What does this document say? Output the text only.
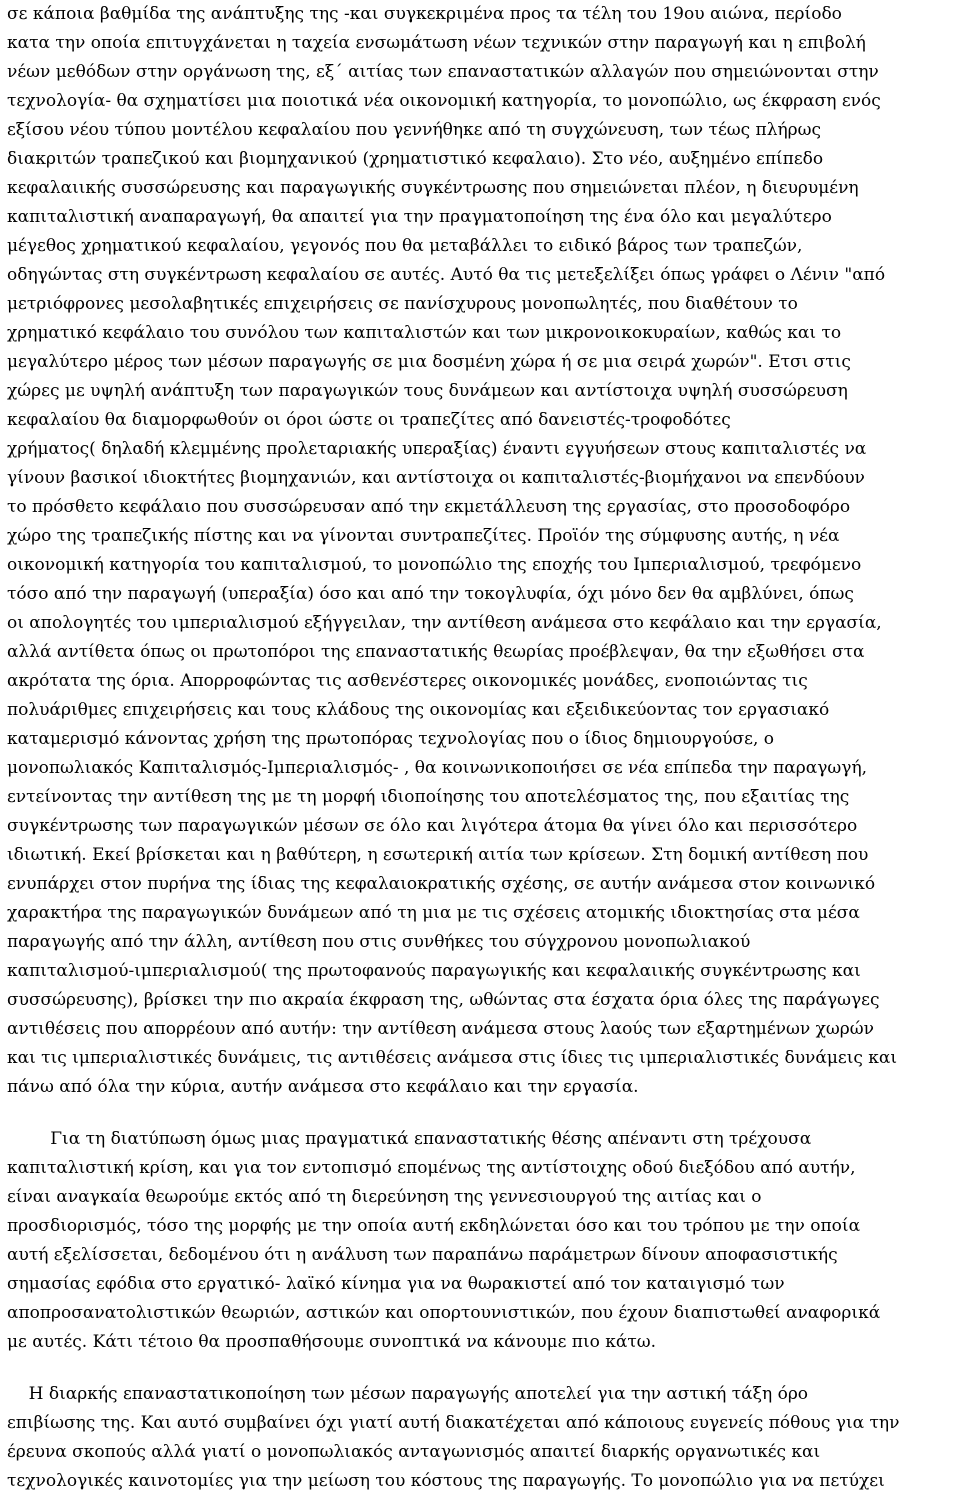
σε κάποια βαθμίδα της ανάπτυξης της -και συγκεκριμένα προς τα τέλη του 19ου αιώνα, περίοδο
κατα την οποία επιτυγχάνεται η ταχεία ενσωμάτωση νέων τεχνικών στην παραγωγή και η επιβολή
νέων μεθόδων στην οργάνωση της, εξ΄ αιτίας των επαναστατικών αλλαγών που σημειώνονται στην
τεχνολογία- θα σχηματίσει μια ποιοτικά νέα οικονομική κατηγορία, το μονοπώλιο, ως έκφραση ενός
εξίσου νέου τύπου μοντέλου κεφαλαίου που γεννήθηκε από τη συγχώνευση, των τέως πλήρως
διακριτών τραπεζικού και βιομηχανικού (χρηματιστικό κεφαλαιο). Στο νέο, αυξημένο επίπεδο
κεφαλαιικής συσσώρευσης και παραγωγικής συγκέντρωσης που σημειώνεται πλέον, η διευρυμένη
καπιταλιστική αναπαραγωγή, θα απαιτεί για την πραγματοποίηση της ένα όλο και μεγαλύτερο
μέγεθος χρηματικού κεφαλαίου, γεγονός που θα μεταβάλλει το ειδικό βάρος των τραπεζών,
οδηγώντας στη συγκέντρωση κεφαλαίου σε αυτές. Αυτό θα τις μετεξελίξει όπως γράφει ο Λένιν "από
μετριόφρονες μεσολαβητικές επιχειρήσεις σε πανίσχυρους μονοπωλητές, που διαθέτουν το
χρηματικό κεφάλαιο του συνόλου των καπιταλιστών και των μικρονοικοκυραίων, καθώς και το
μεγαλύτερο μέρος των μέσων παραγωγής σε μια δοσμένη χώρα ή σε μια σειρά χωρών". Ετσι στις
χώρες με υψηλή ανάπτυξη των παραγωγικών τους δυνάμεων και αντίστοιχα υψηλή συσσώρευση
κεφαλαίου θα διαμορφωθούν οι όροι ώστε οι τραπεζίτες από δανειστές-τροφοδότες
χρήματος( δηλαδή κλεμμένης προλεταριακής υπεραξίας) έναντι εγγυήσεων στους καπιταλιστές να
γίνουν βασικοί ιδιοκτήτες βιομηχανιών, και αντίστοιχα οι καπιταλιστές-βιομήχανοι να επενδύουν
το πρόσθετο κεφάλαιο που συσσώρευσαν από την εκμετάλλευση της εργασίας, στο προσοδοφόρο
χώρο της τραπεζικής πίστης και να γίνονται συντραπεζίτες. Προϊόν της σύμφυσης αυτής, η νέα
οικονομική κατηγορία του καπιταλισμού, το μονοπώλιο της εποχής του Ιμπεριαλισμού, τρεφόμενο
τόσο από την παραγωγή (υπεραξία) όσο και από την τοκογλυφία, όχι μόνο δεν θα αμβλύνει, όπως
οι απολογητές του ιμπεριαλισμού εξήγγειλαν, την αντίθεση ανάμεσα στο κεφάλαιο και την εργασία,
αλλά αντίθετα όπως οι πρωτοπόροι της επαναστατικής θεωρίας προέβλεψαν, θα την εξωθήσει στα
ακρότατα της όρια. Απορροφώντας τις ασθενέστερες οικονομικές μονάδες, ενοποιώντας τις
πολυάριθμες επιχειρήσεις και τους κλάδους της οικονομίας και εξειδικεύοντας τον εργασιακό
καταμερισμό κάνοντας χρήση της πρωτοπόρας τεχνολογίας που ο ίδιος δημιουργούσε, ο
μονοπωλιακός Καπιταλισμός-Ιμπεριαλισμός- , θα κοινωνικοποιήσει σε νέα επίπεδα την παραγωγή,
εντείνοντας την αντίθεση της με τη μορφή ιδιοποίησης του αποτελέσματος της, που εξαιτίας της
συγκέντρωσης των παραγωγικών μέσων σε όλο και λιγότερα άτομα θα γίνει όλο και περισσότερο
ιδιωτική. Εκεί βρίσκεται και η βαθύτερη, η εσωτερική αιτία των κρίσεων. Στη δομική αντίθεση που
ενυπάρχει στον πυρήνα της ίδιας της κεφαλαιοκρατικής σχέσης, σε αυτήν ανάμεσα στον κοινωνικό
χαρακτήρα της παραγωγικών δυνάμεων από τη μια με τις σχέσεις ατομικής ιδιοκτησίας στα μέσα
παραγωγής από την άλλη, αντίθεση που στις συνθήκες του σύγχρονου μονοπωλιακού
καπιταλισμού-ιμπεριαλισμού( της πρωτοφανούς παραγωγικής και κεφαλαιικής συγκέντρωσης και
συσσώρευσης), βρίσκει την πιο ακραία έκφραση της, ωθώντας στα έσχατα όρια όλες της παράγωγες
αντιθέσεις που απορρέουν από αυτήν: την αντίθεση ανάμεσα στους λαούς των εξαρτημένων χωρών
και τις ιμπεριαλιστικές δυνάμεις, τις αντιθέσεις ανάμεσα στις ίδιες τις ιμπεριαλιστικές δυνάμεις και
πάνω από όλα την κύρια, αυτήν ανάμεσα στο κεφάλαιο και την εργασία.
Για τη διατύπωση όμως μιας πραγματικά επαναστατικής θέσης απέναντι στη τρέχουσα
καπιταλιστική κρίση, και για τον εντοπισμό επομένως της αντίστοιχης οδού διεξόδου από αυτήν,
είναι αναγκαία θεωρούμε εκτός από τη διερεύνηση της γεννεσιουργού της αιτίας και ο
προσδιορισμός, τόσο της μορφής με την οποία αυτή εκδηλώνεται όσο και του τρόπου με την οποία
αυτή εξελίσσεται, δεδομένου ότι η ανάλυση των παραπάνω παράμετρων δίνουν αποφασιστικής
σημασίας εφόδια στο εργατικό- λαϊκό κίνημα για να θωρακιστεί από τον καταιγισμό των
αποπροσανατολιστικών θεωριών, αστικών και οπορτουνιστικών, που έχουν διαπιστωθεί αναφορικά
με αυτές. Κάτι τέτοιο θα προσπαθήσουμε συνοπτικά να κάνουμε πιο κάτω.
Η διαρκής επαναστατικοποίηση των μέσων παραγωγής αποτελεί για την αστική τάξη όρο
επιβίωσης της. Και αυτό συμβαίνει όχι γιατί αυτή διακατέχεται από κάποιους ευγενείς πόθους για την
έρευνα σκοπούς αλλά γιατί ο μονοπωλιακός ανταγωνισμός απαιτεί διαρκής οργανωτικές και
τεχνολογικές καινοτομίες για την μείωση του κόστους της παραγωγής. Το μονοπώλιο για να πετύχει
